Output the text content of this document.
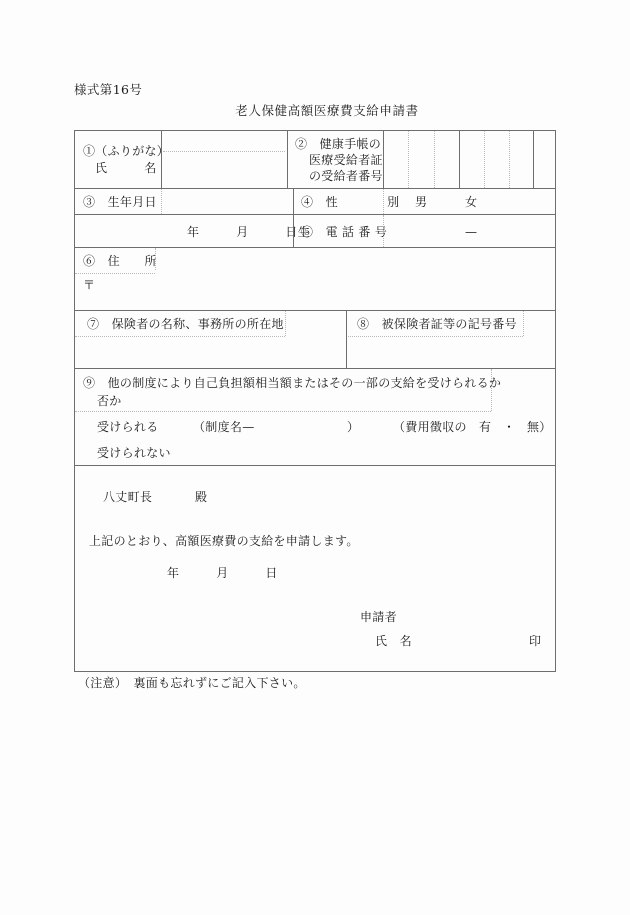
様式第16号
老人保健高額医療費支給申請書
①（ふりがな）
氏　　　名
②　健康手帳の
医療受給者証
の受給者番号
③　生年月日	④　性　　　　別 男	女
年　　　月　　　日生
⑤　電 話 番 号	—
⑥　住　　所
〒
⑦　保険者の名称、事務所の所在地	⑧　被保険者証等の記号番号
⑨　他の制度により自己負担額相当額またはその一部の支給を受けられるか
否か
受けられる	（制度名—	）	（費用徴収の 有 ・ 無）
受けられない
八丈町長	殿
上記のとおり、高額医療費の支給を申請します。
年　　　月　　　日
申請者
氏　名	印
（注意）　裏面も忘れずにご記入下さい。
